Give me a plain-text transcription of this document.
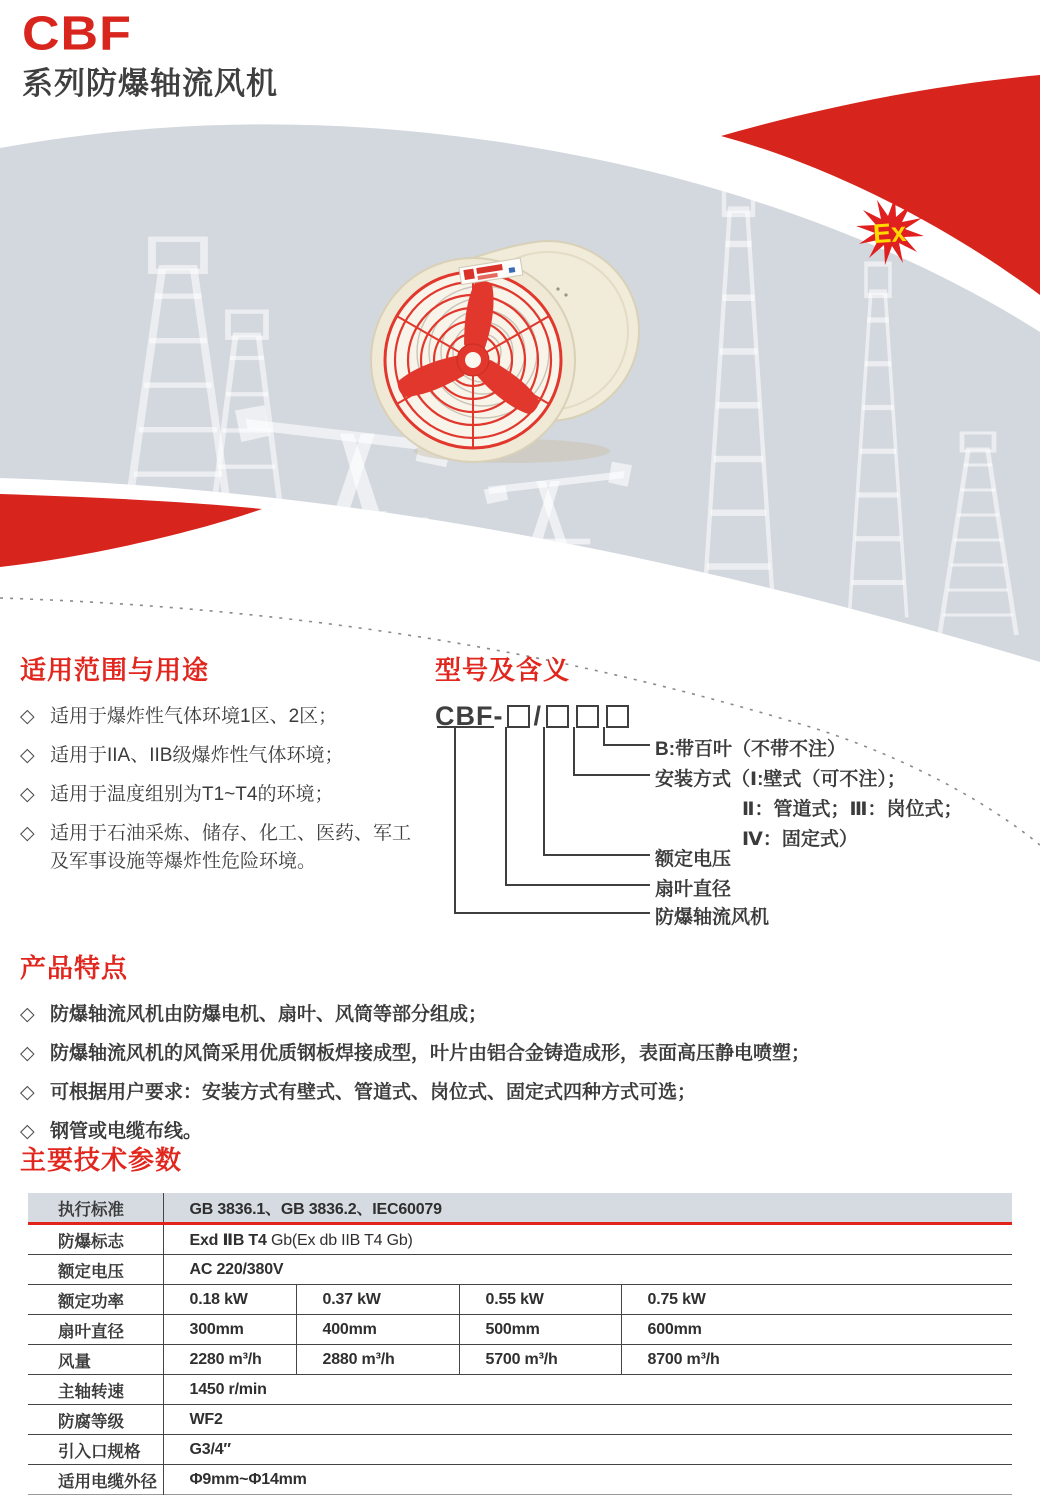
Ex
CBF
系列防爆轴流风机
适用范围与用途
◇ 适用于爆炸性气体环境1区、2区；
◇ 适用于IIA、IIB级爆炸性气体环境；
◇ 适用于温度组别为T1~T4的环境；
◇ 适用于石油采炼、储存、化工、医药、军工及军事设施等爆炸性危险环境。
型号及含义
CBF- /
B:带百叶（不带不注）
安装方式（Ⅰ:壁式（可不注）；
Ⅱ：管道式；Ⅲ：岗位式；
Ⅳ：固定式）
额定电压
扇叶直径
防爆轴流风机
产品特点
◇ 防爆轴流风机由防爆电机、扇叶、风筒等部分组成；
◇ 防爆轴流风机的风筒采用优质钢板焊接成型，叶片由铝合金铸造成形，表面高压静电喷塑；
◇ 可根据用户要求：安装方式有壁式、管道式、岗位式、固定式四种方式可选；
◇ 钢管或电缆布线。
主要技术参数
执行标准	GB 3836.1、GB 3836.2、IEC60079			
防爆标志	Exd ⅡB T4 Gb(Ex db IIB T4 Gb)			
额定电压	AC 220/380V			
额定功率	0.18 kW	0.37 kW	0.55 kW	0.75 kW
扇叶直径	300mm	400mm	500mm	600mm
风量	2280 m³/h	2880 m³/h	5700 m³/h	8700 m³/h
主轴转速	1450 r/min			
防腐等级	WF2			
引入口规格	G3/4″			
适用电缆外径	Φ9mm~Φ14mm			
